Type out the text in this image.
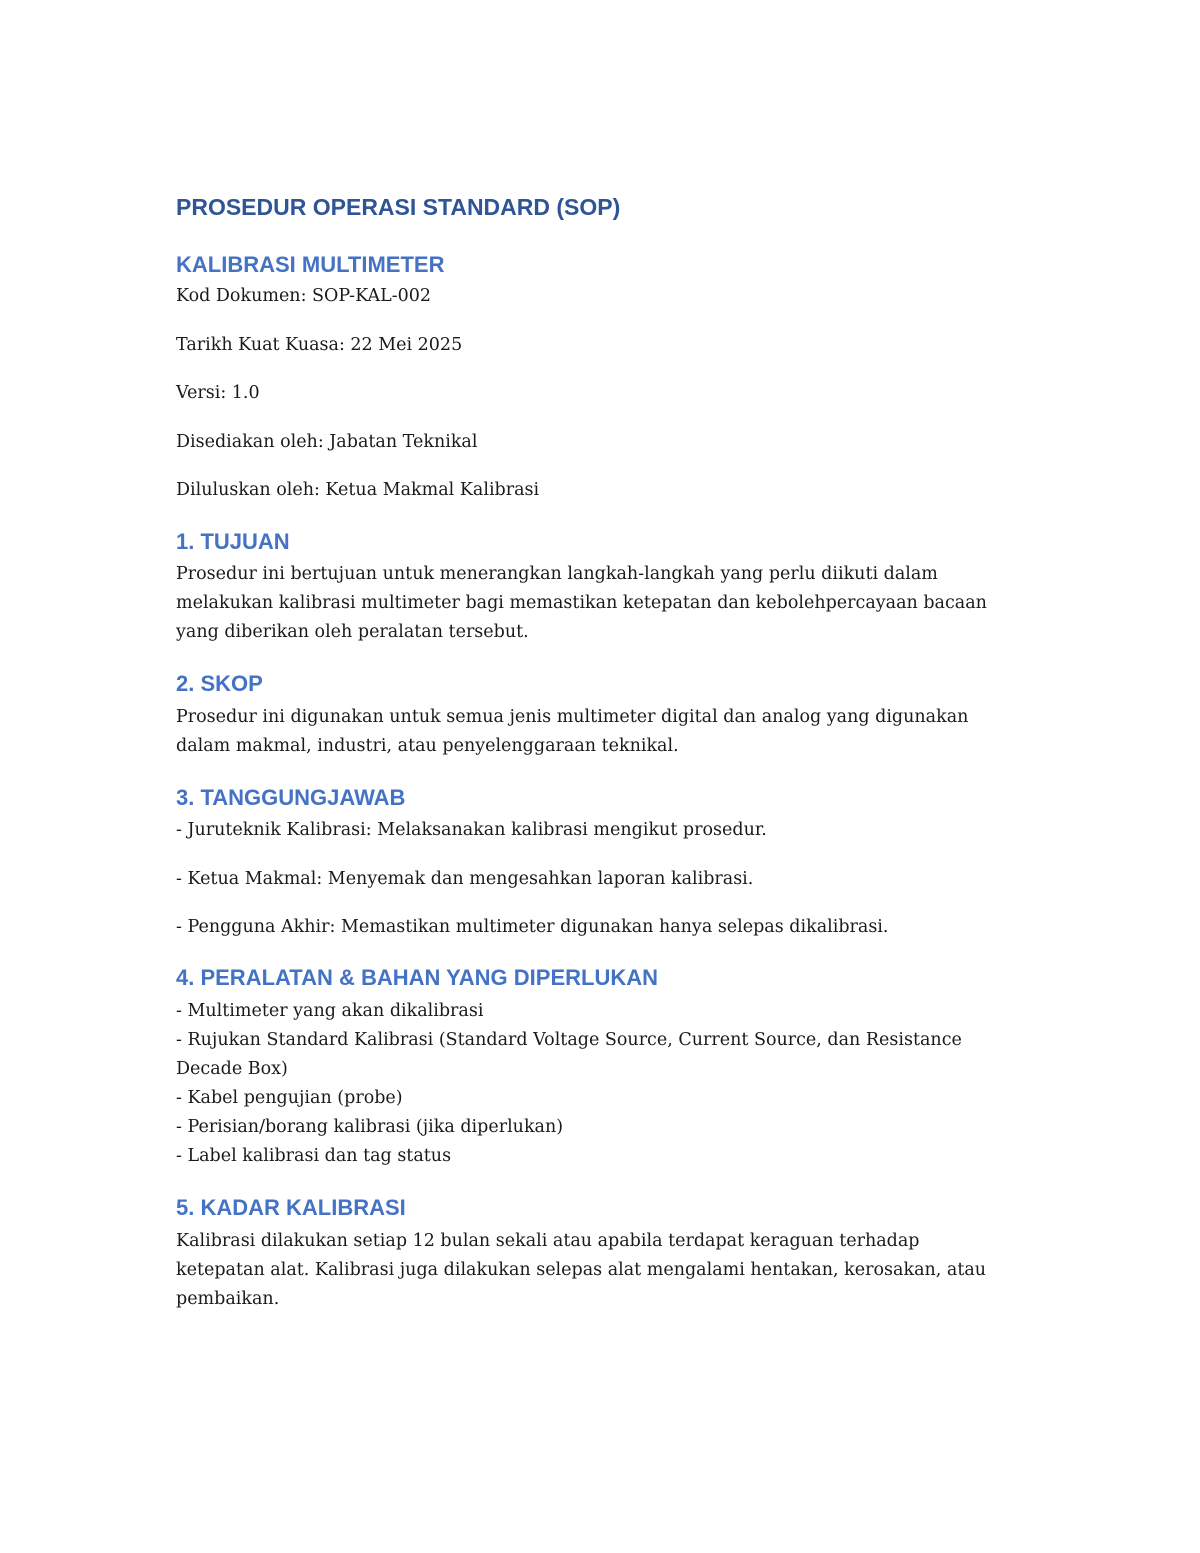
PROSEDUR OPERASI STANDARD (SOP)
KALIBRASI MULTIMETER

Kod Dokumen: SOP-KAL-002

Tarikh Kuat Kuasa: 22 Mei 2025

Versi: 1.0

Disediakan oleh: Jabatan Teknikal

Diluluskan oleh: Ketua Makmal Kalibrasi

1. TUJUAN

Prosedur ini bertujuan untuk menerangkan langkah-langkah yang perlu diikuti dalam

melakukan kalibrasi multimeter bagi memastikan ketepatan dan kebolehpercayaan bacaan

yang diberikan oleh peralatan tersebut.

2. SKOP

Prosedur ini digunakan untuk semua jenis multimeter digital dan analog yang digunakan

dalam makmal, industri, atau penyelenggaraan teknikal.

3. TANGGUNGJAWAB

- Juruteknik Kalibrasi: Melaksanakan kalibrasi mengikut prosedur.

- Ketua Makmal: Menyemak dan mengesahkan laporan kalibrasi.

- Pengguna Akhir: Memastikan multimeter digunakan hanya selepas dikalibrasi.

4. PERALATAN & BAHAN YANG DIPERLUKAN

- Multimeter yang akan dikalibrasi

- Rujukan Standard Kalibrasi (Standard Voltage Source, Current Source, dan Resistance

Decade Box)

- Kabel pengujian (probe)

- Perisian/borang kalibrasi (jika diperlukan)

- Label kalibrasi dan tag status

5. KADAR KALIBRASI

Kalibrasi dilakukan setiap 12 bulan sekali atau apabila terdapat keraguan terhadap

ketepatan alat. Kalibrasi juga dilakukan selepas alat mengalami hentakan, kerosakan, atau

pembaikan.
